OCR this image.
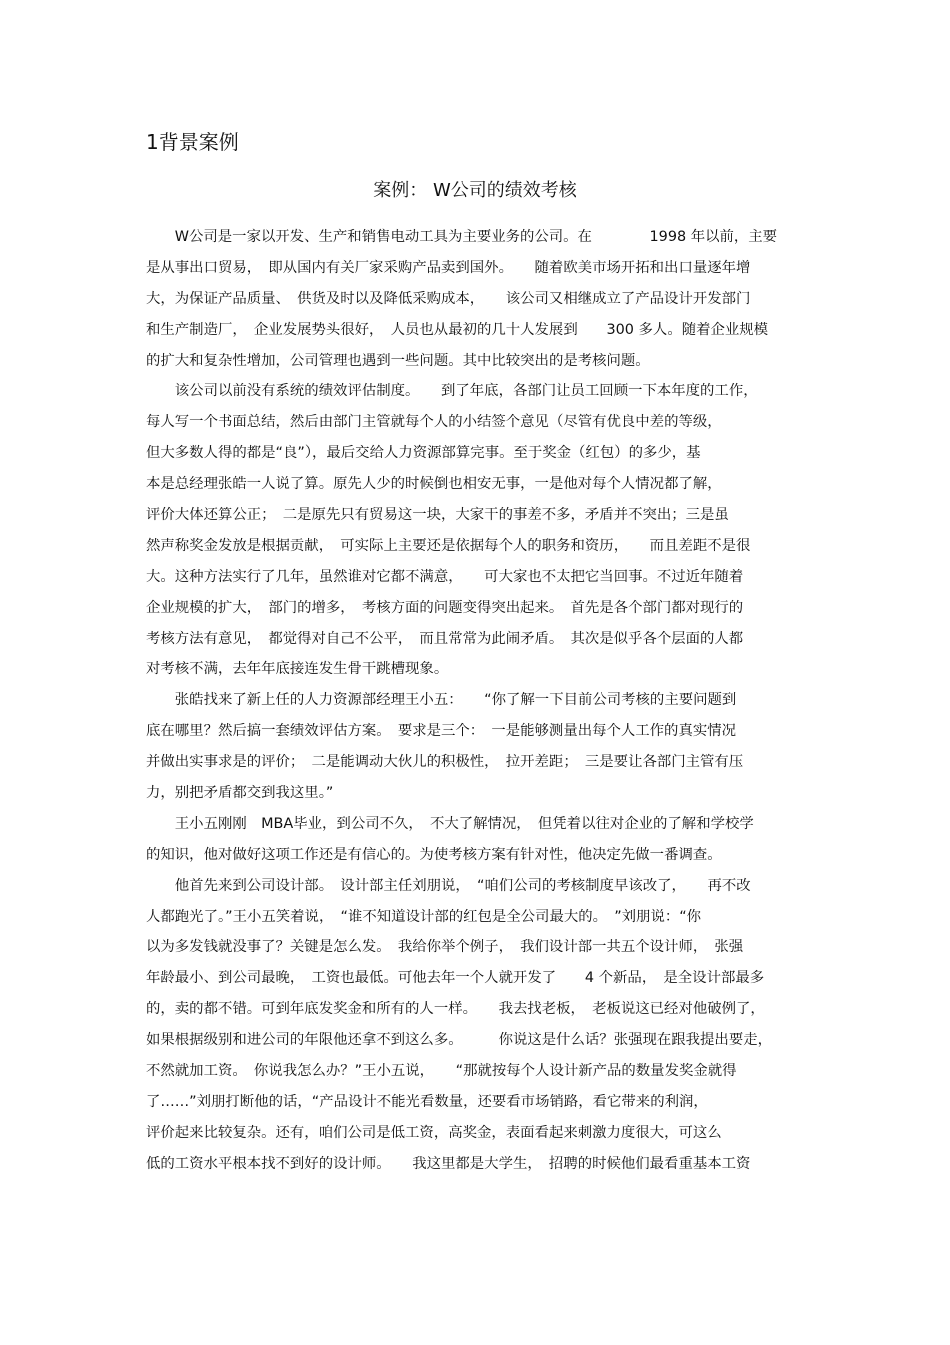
1背景案例
案例： W公司的绩效考核
　　W公司是一家以开发、生产和销售电动工具为主要业务的公司。在　　　　1998 年以前，主要
是从事出口贸易，　即从国内有关厂家采购产品卖到国外。　　随着欧美市场开拓和出口量逐年增
大，为保证产品质量、　供货及时以及降低采购成本，　　该公司又相继成立了产品设计开发部门
和生产制造厂，　企业发展势头很好，　人员也从最初的几十人发展到　　300 多人。随着企业规模
的扩大和复杂性增加，公司管理也遇到一些问题。其中比较突出的是考核问题。
　　该公司以前没有系统的绩效评估制度。　　到了年底，各部门让员工回顾一下本年度的工作，
每人写一个书面总结，然后由部门主管就每个人的小结签个意见（尽管有优良中差的等级，
但大多数人得的都是“良”），最后交给人力资源部算完事。至于奖金（红包）的多少，基
本是总经理张皓一人说了算。原先人少的时候倒也相安无事，一是他对每个人情况都了解，
评价大体还算公正；　二是原先只有贸易这一块，大家干的事差不多，矛盾并不突出；三是虽
然声称奖金发放是根据贡献，　可实际上主要还是依据每个人的职务和资历，　　而且差距不是很
大。这种方法实行了几年，虽然谁对它都不满意，　　可大家也不太把它当回事。不过近年随着
企业规模的扩大，　部门的增多，　考核方面的问题变得突出起来。　首先是各个部门都对现行的
考核方法有意见，　都觉得对自己不公平，　而且常常为此闹矛盾。　其次是似乎各个层面的人都
对考核不满，去年年底接连发生骨干跳槽现象。
　　张皓找来了新上任的人力资源部经理王小五：　　“你了解一下目前公司考核的主要问题到
底在哪里？然后搞一套绩效评估方案。　要求是三个：　一是能够测量出每个人工作的真实情况
并做出实事求是的评价；　二是能调动大伙儿的积极性，　拉开差距；　三是要让各部门主管有压
力，别把矛盾都交到我这里。”
　　王小五刚刚　MBA毕业，到公司不久，　不大了解情况，　但凭着以往对企业的了解和学校学
的知识，他对做好这项工作还是有信心的。为使考核方案有针对性，他决定先做一番调查。
　　他首先来到公司设计部。　设计部主任刘朋说，　“咱们公司的考核制度早该改了，　　再不改
人都跑光了。”王小五笑着说，　“谁不知道设计部的红包是全公司最大的。　”刘朋说：“你
以为多发钱就没事了？关键是怎么发。　我给你举个例子，　我们设计部一共五个设计师，　张强
年龄最小、到公司最晚，　工资也最低。可他去年一个人就开发了　　4 个新品，　是全设计部最多
的，卖的都不错。可到年底发奖金和所有的人一样。　　我去找老板，　老板说这已经对他破例了，
如果根据级别和进公司的年限他还拿不到这么多。　　　你说这是什么话？张强现在跟我提出要走，
不然就加工资。　你说我怎么办？”王小五说，　　“那就按每个人设计新产品的数量发奖金就得
了……”刘朋打断他的话，“产品设计不能光看数量，还要看市场销路，看它带来的利润，
评价起来比较复杂。还有，咱们公司是低工资，高奖金，表面看起来刺激力度很大，可这么
低的工资水平根本找不到好的设计师。　　我这里都是大学生，　招聘的时候他们最看重基本工资
